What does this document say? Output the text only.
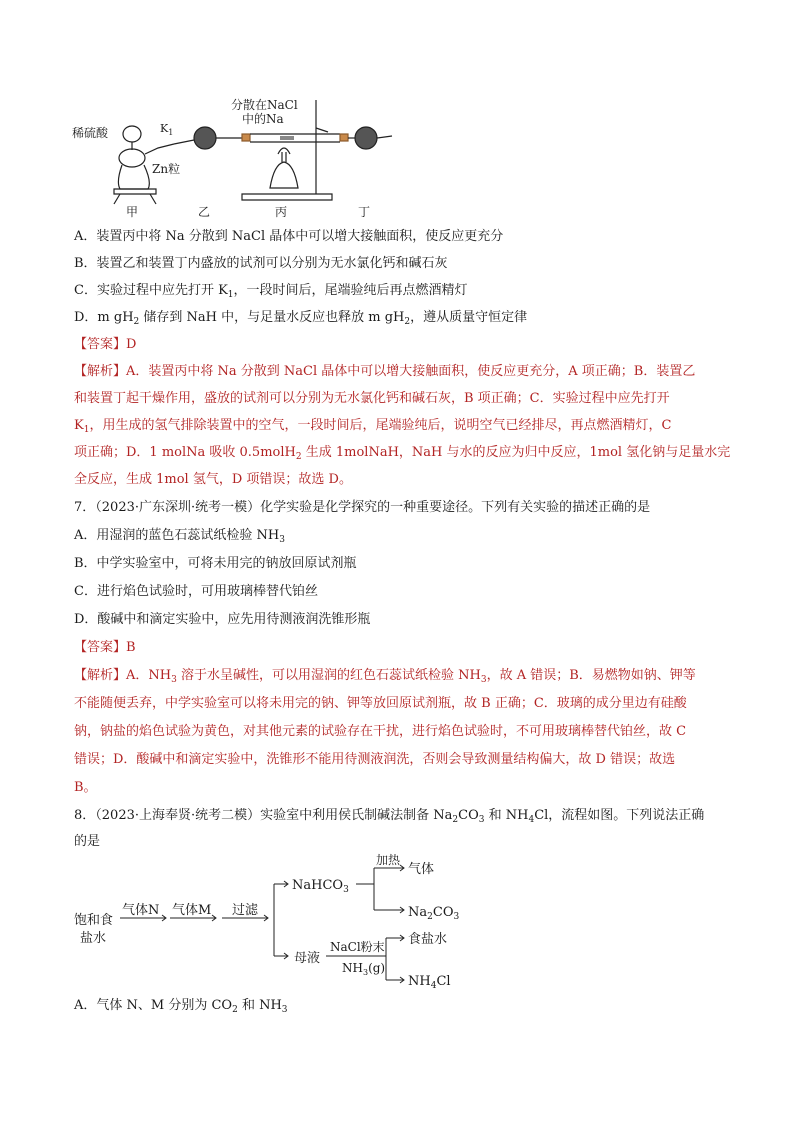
稀硫酸	$K_1$
Zn粒
分散在NaCl
中的Na
甲	乙	丙	丁
A．装置丙中将 Na 分散到 NaCl 晶体中可以增大接触面积，使反应更充分
B．装置乙和装置丁内盛放的试剂可以分别为无水氯化钙和碱石灰
C．实验过程中应先打开 $K_1$，一段时间后，尾端验纯后再点燃酒精灯
D．m $gH_2$ 储存到 NaH 中，与足量水反应也释放 m $gH_2$，遵从质量守恒定律
【答案】D
【解析】A．装置丙中将 Na 分散到 NaCl 晶体中可以增大接触面积，使反应更充分，A 项正确；B．装置乙
和装置丁起干燥作用，盛放的试剂可以分别为无水氯化钙和碱石灰，B 项正确；C．实验过程中应先打开
$K_1$，用生成的氢气排除装置中的空气，一段时间后，尾端验纯后，说明空气已经排尽，再点燃酒精灯，C
项正确；D．1 molNa 吸收 0.5molH$_2$ 生成 1molNaH，NaH 与水的反应为归中反应，1mol 氢化钠与足量水完
全反应，生成 1mol 氢气，D 项错误；故选 D。
7．（2023·广东深圳·统考一模）化学实验是化学探究的一种重要途径。下列有关实验的描述正确的是
A．用湿润的蓝色石蕊试纸检验 $NH_3$
B．中学实验室中，可将未用完的钠放回原试剂瓶
C．进行焰色试验时，可用玻璃棒替代铂丝
D．酸碱中和滴定实验中，应先用待测液润洗锥形瓶
【答案】B
【解析】A．$NH_3$ 溶于水呈碱性，可以用湿润的红色石蕊试纸检验 $NH_3$，故 A 错误；B．易燃物如钠、钾等
不能随便丢弃，中学实验室可以将未用完的钠、钾等放回原试剂瓶，故 B 正确；C．玻璃的成分里边有硅酸
钠，钠盐的焰色试验为黄色，对其他元素的试验存在干扰，进行焰色试验时，不可用玻璃棒替代铂丝，故 C
错误；D．酸碱中和滴定实验中，洗锥形不能用待测液润洗，否则会导致测量结构偏大，故 D 错误；故选
B。
8．（2023·上海奉贤·统考二模）实验室中利用侯氏制碱法制备 $Na_2CO_3$ 和 $NH_4Cl$，流程如图。下列说法正确
的是
饱和食
盐水
气体N 气体M 过滤
NaHCO$_3$
加热
气体
$Na_2CO_3$
母液
NaCl粉末
$NH_3(g)$
食盐水
$NH_4Cl$
A．气体 N、M 分别为 $CO_2$ 和 $NH_3$
